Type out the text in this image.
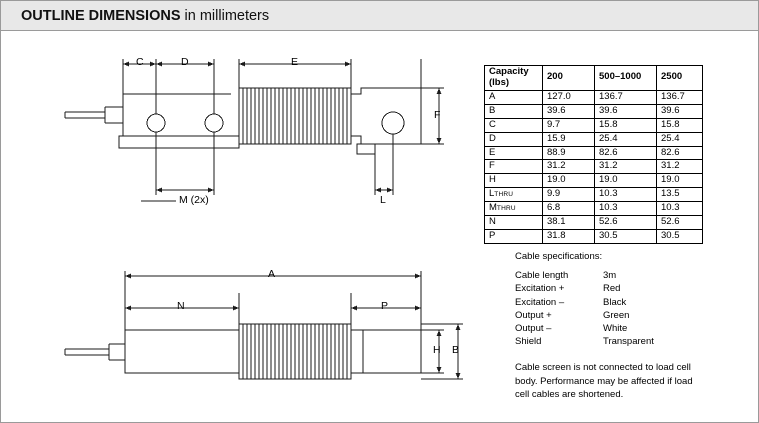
OUTLINE DIMENSIONS in millimeters
C	D	E
F
L
M (2x)
A
N	P
H B
Capacity (lbs)	200	500–1000	2500
A	127.0	136.7	136.7
B	39.6	39.6	39.6
C	9.7	15.8	15.8
D	15.9	25.4	25.4
E	88.9	82.6	82.6
F	31.2	31.2	31.2
H	19.0	19.0	19.0
LTHRU	9.9	10.3	13.5
MTHRU	6.8	10.3	10.3
N	38.1	52.6	52.6
P	31.8	30.5	30.5
Cable specifications:
Cable length	3m
Excitation +	Red
Excitation –	Black
Output +	Green
Output –	White
Shield	Transparent
Cable screen is not connected to load cell
body. Performance may be affected if load
cell cables are shortened.
